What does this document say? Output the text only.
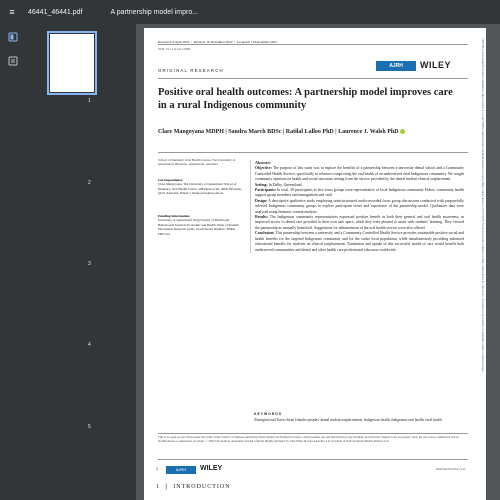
≡	46441_46441.pdf	A partnership model impro...
1
2
3
4
5
14401584, 0, Downloaded from https://onlinelibrary.wiley.com/doi/10.1111/ajr.12968 by National Health And Medical Research Council, Wiley Online Library on [23/01/2023]. See the Terms and Conditions on Wiley Online Library for rules of use; OA articles are governed by the applicable Creative Commons License
Received: 6 April 2022  |  Revised: 16 November 2022  |  Accepted: 16 December 2022
DOI: 10.1111/ajr.12968
AJRH	WILEY
ORIGINAL RESEARCH
Positive oral health outcomes: A partnership model improves care in a rural Indigenous community
Clare Mangoyana MDPH | Sandra March BDSc | Ratilal Lalloo PhD | Laurence J. Walsh PhD
School of Dentistry, Oral Health Centre, The University of Queensland, Brisbane, Queensland, Australia
Correspondence
Clare Mangoyana, The University of Queensland School of Dentistry, Oral Health Centre, 288 Herston Rd, 4006, Brisbane, QLD, Australia. Email: c.mangoyana@uq.edu.au
Funding information
University of Queensland (UQ) Faculty of Health and Behavioural Sciences Economic and Health Value of Student Placements Research Grant; Grant/Award Number: HSRG PBI1014
Abstract

Objective: The purpose of this study was to explore the benefits of a partnership between a university dental school and a Community Controlled Health Service, specifically in relation to improving the oral health of an underserved rural Indigenous community. We sought community opinions on health and social outcomes arising from the service provided by the dental student clinical outplacement.

Setting: In Dalby, Queensland.

Participants: In total, 38 participants in five focus groups were representative of local Indigenous community Elders, community health support group members and management and staff.

Design: A descriptive qualitative study employing semi-structured audio-recorded focus group discussions conducted with purposefully selected Indigenous community groups to explore participant views and experience of the partnership model. Qualitative data were analysed using thematic content analysis.

Results: The Indigenous community representatives expressed positive benefit in both their general and oral health awareness, in improved access to dental care provided in their own safe space, while they were pleased to assist with students' learning. They viewed the partnership as mutually beneficial. Suggestions for enhancement of the oral health service were also offered.

Conclusion: This partnership between a university and a Community Controlled Health Service provides sustainable positive social and health benefits for the targeted Indigenous community and for the wider local population, while simultaneously providing enhanced educational benefits for students on clinical outplacement. Translation and uptake of this successful model of care would benefit both underserved communities and dental and other health care professional educators worldwide.

KEYWORDS
Aboriginal and Torres Strait Islander peoples, dental student outplacements, Indigenous health, Indigenous oral health, rural health
This is an open access article under the terms of the Creative Commons Attribution-NonCommercial-NoDerivs License, which permits use and distribution in any medium, provided the original work is properly cited, the use is non-commercial and no modifications or adaptations are made. © 2022 The Authors. Australian Journal of Rural Health published by John Wiley & Sons Australia, Ltd on behalf of National Rural Health Alliance Ltd.
2	AJRH	WILEY	MANGOYANA et al.
1  |  INTRODUCTION
